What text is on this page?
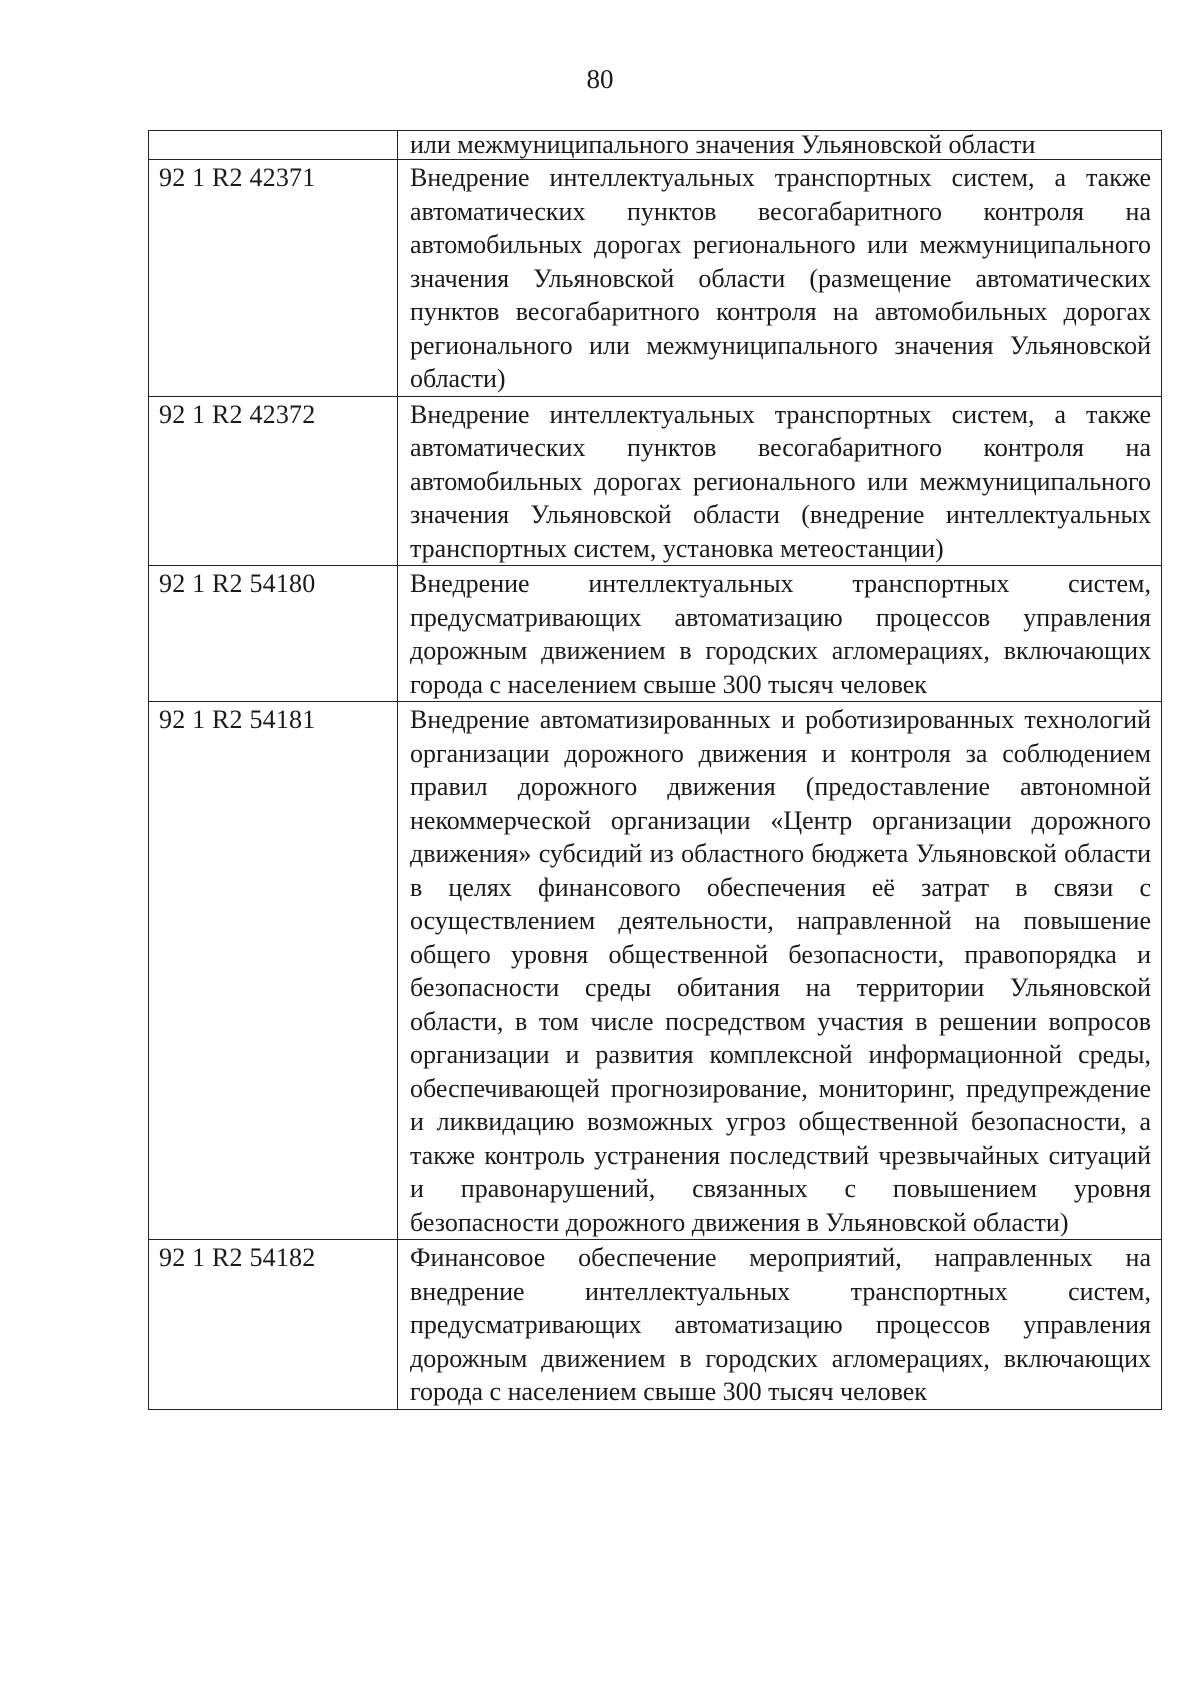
80
	или межмуниципального значения Ульяновской области
92 1 R2 42371	Внедрение интеллектуальных транспортных систем, а также автоматических пунктов весогабаритного контроля на автомобильных дорогах регионального или межмуниципального значения Ульяновской области (размещение автоматических пунктов весогабаритного контроля на автомобильных дорогах регионального или межмуниципального значения Ульяновской области)
92 1 R2 42372	Внедрение интеллектуальных транспортных систем, а также автоматических пунктов весогабаритного контроля на автомобильных дорогах регионального или межмуниципального значения Ульяновской области (внедрение интеллектуальных транспортных систем, установка метеостанции)
92 1 R2 54180	Внедрение интеллектуальных транспортных систем, предусматривающих автоматизацию процессов управления дорожным движением в городских агломерациях, включающих города с населением свыше 300 тысяч человек
92 1 R2 54181	Внедрение автоматизированных и роботизированных технологий организации дорожного движения и контроля за соблюдением правил дорожного движения (предоставление автономной некоммерческой организации «Центр организации дорожного движения» субсидий из областного бюджета Ульяновской области в целях финансового обеспечения её затрат в связи с осуществлением деятельности, направленной на повышение общего уровня общественной безопасности, правопорядка и безопасности среды обитания на территории Ульяновской области, в том числе посредством участия в решении вопросов организации и развития комплексной информационной среды, обеспечивающей прогнозирование, мониторинг, предупреждение и ликвидацию возможных угроз общественной безопасности, а также контроль устранения последствий чрезвычайных ситуаций и правонарушений, связанных с повышением уровня безопасности дорожного движения в Ульяновской области)
92 1 R2 54182	Финансовое обеспечение мероприятий, направленных на внедрение интеллектуальных транспортных систем, предусматривающих автоматизацию процессов управления дорожным движением в городских агломерациях, включающих города с населением свыше 300 тысяч человек
